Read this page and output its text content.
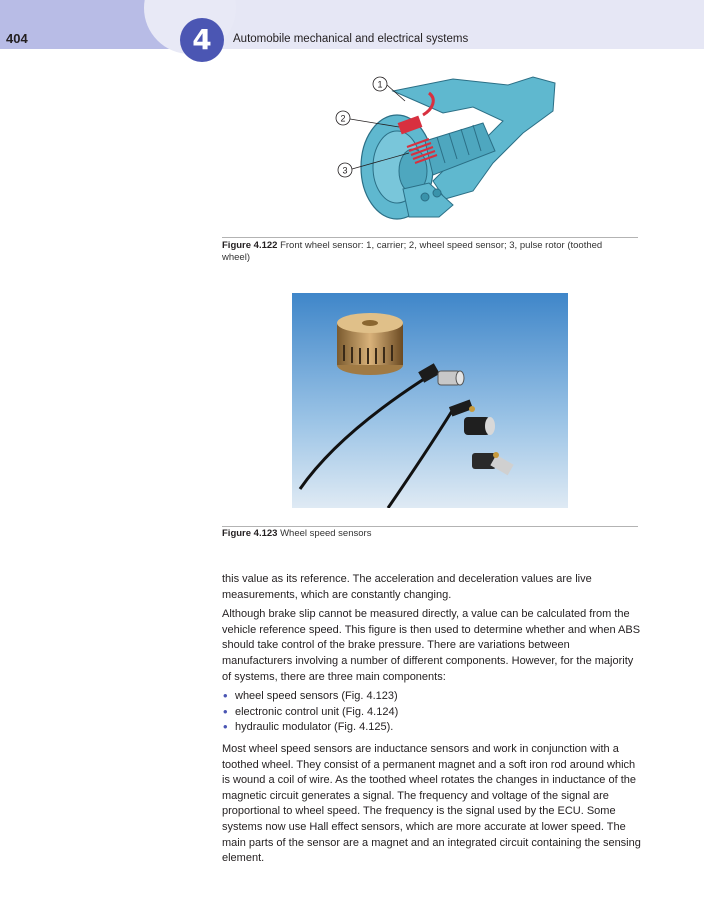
404	4	Automobile mechanical and electrical systems
1
2
3
Figure 4.122 Front wheel sensor: 1, carrier; 2, wheel speed sensor; 3, pulse rotor (toothed wheel)
Figure 4.123 Wheel speed sensors

this value as its reference. The acceleration and deceleration values are live measurements, which are constantly changing.

Although brake slip cannot be measured directly, a value can be calculated from the vehicle reference speed. This figure is then used to determine whether and when ABS should take control of the brake pressure. There are variations between manufacturers involving a number of different components. However, for the majority of systems, there are three main components:

• wheel speed sensors (Fig. 4.123)
• electronic control unit (Fig. 4.124)
• hydraulic modulator (Fig. 4.125).

Most wheel speed sensors are inductance sensors and work in conjunction with a toothed wheel. They consist of a permanent magnet and a soft iron rod around which is wound a coil of wire. As the toothed wheel rotates the changes in inductance of the magnetic circuit generates a signal. The frequency and voltage of the signal are proportional to wheel speed. The frequency is the signal used by the ECU. Some systems now use Hall effect sensors, which are more accurate at lower speed. The main parts of the sensor are a magnet and an integrated circuit containing the sensing element.
